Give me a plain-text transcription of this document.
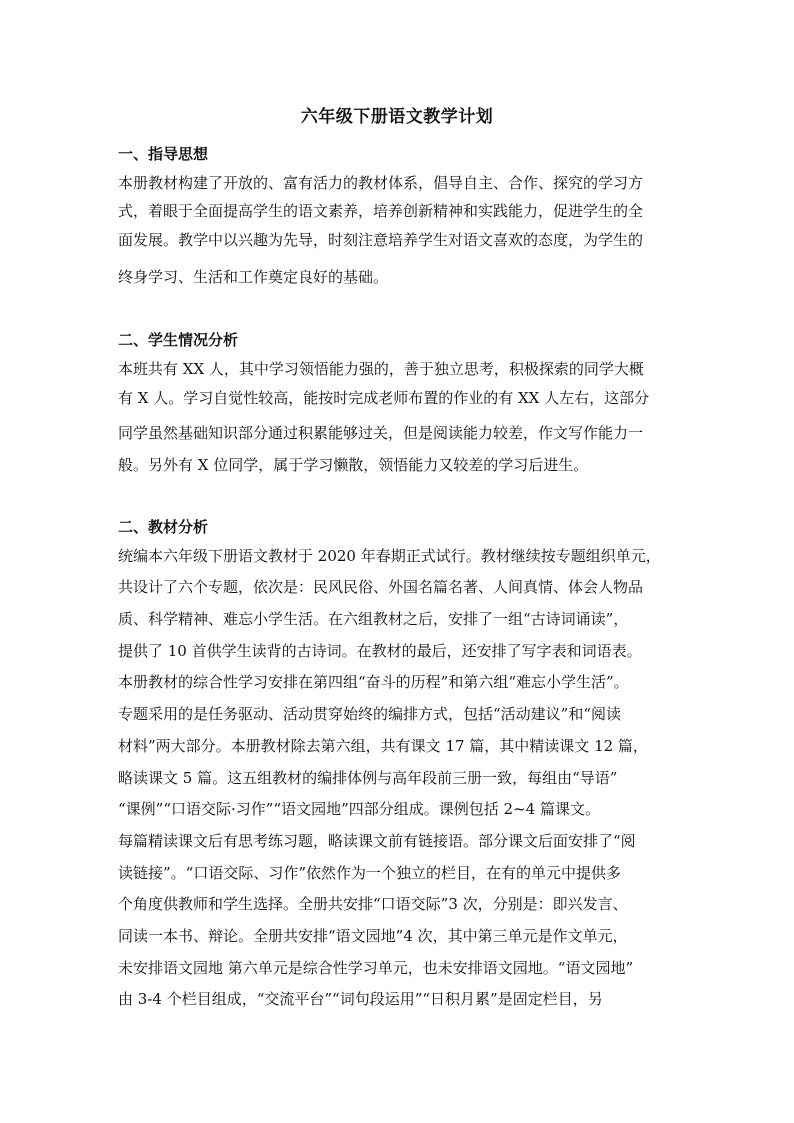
六年级下册语文教学计划
一、指导思想
本册教材构建了开放的、富有活力的教材体系，倡导自主、合作、探究的学习方
式，着眼于全面提高学生的语文素养，培养创新精神和实践能力，促进学生的全
面发展。教学中以兴趣为先导，时刻注意培养学生对语文喜欢的态度，为学生的
终身学习、生活和工作奠定良好的基础。
二、学生情况分析
本班共有 XX 人，其中学习领悟能力强的，善于独立思考，积极探索的同学大概
有 X 人。学习自觉性较高，能按时完成老师布置的作业的有 XX 人左右，这部分
同学虽然基础知识部分通过积累能够过关，但是阅读能力较差，作文写作能力一
般。另外有 X 位同学，属于学习懒散，领悟能力又较差的学习后进生。
二、教材分析
统编本六年级下册语文教材于 2020 年春期正式试行。教材继续按专题组织单元，
共设计了六个专题，依次是：民风民俗、外国名篇名著、人间真情、体会人物品
质、科学精神、难忘小学生活。在六组教材之后，安排了一组“古诗词诵读”，
提供了 10 首供学生读背的古诗词。在教材的最后，还安排了写字表和词语表。
本册教材的综合性学习安排在第四组“奋斗的历程”和第六组“难忘小学生活”。
专题采用的是任务驱动、活动贯穿始终的编排方式，包括“活动建议”和“阅读
材料”两大部分。本册教材除去第六组，共有课文 17 篇，其中精读课文 12 篇，
略读课文 5 篇。这五组教材的编排体例与高年段前三册一致，每组由“导语”
“课例”“口语交际·习作”“语文园地”四部分组成。课例包括 2~4 篇课文。
每篇精读课文后有思考练习题，略读课文前有链接语。部分课文后面安排了“阅
读链接”。“口语交际、习作”依然作为一个独立的栏目，在有的单元中提供多
个角度供教师和学生选择。全册共安排“口语交际”3 次，分别是：即兴发言、
同读一本书、辩论。全册共安排“语文园地”4 次，其中第三单元是作文单元，
未安排语文园地 第六单元是综合性学习单元，也未安排语文园地。“语文园地”
由 3-4 个栏目组成，“交流平台”“词句段运用”“日积月累”是固定栏目，另
